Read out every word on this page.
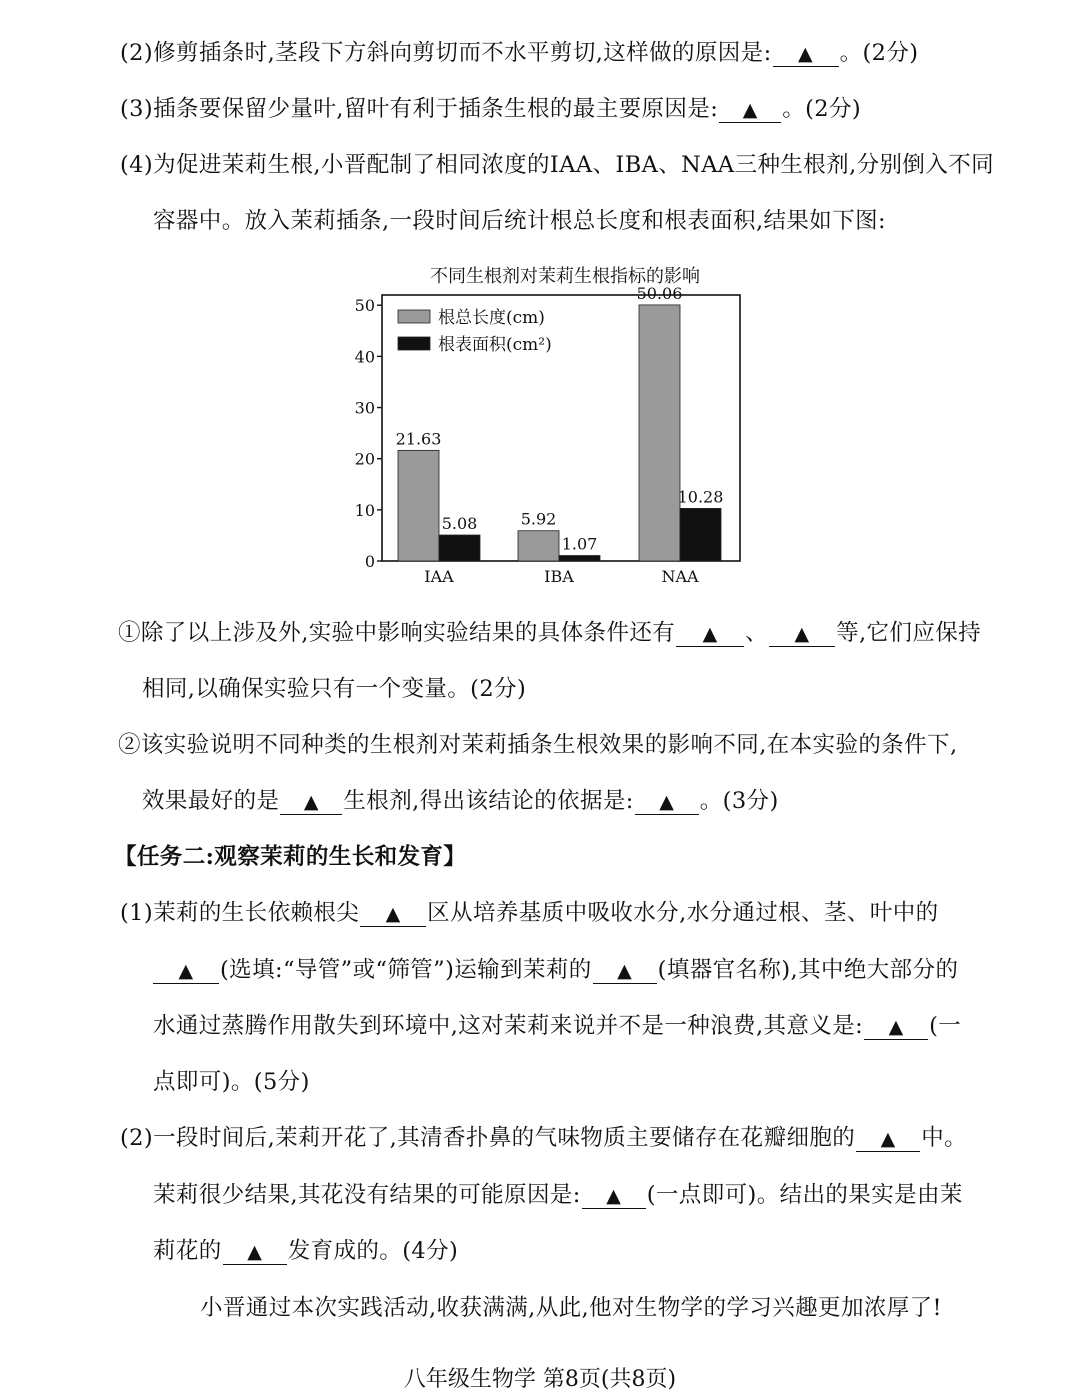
(2)修剪插条时,茎段下方斜向剪切而不水平剪切,这样做的原因是: ▲ 。(2分)
(3)插条要保留少量叶,留叶有利于插条生根的最主要原因是: ▲ 。(2分)
(4)为促进茉莉生根,小晋配制了相同浓度的IAA、IBA、NAA三种生根剂,分别倒入不同
容器中。放入茉莉插条,一段时间后统计根总长度和根表面积,结果如下图:
不同生根剂对茉莉生根指标的影响
0
10
20
30
40
50
21.63
5.08	5.92
1.07
50.06
10.28
IAA	IBA	NAA
根总长度(cm)
根表面积(cm²)
①除了以上涉及外,实验中影响实验结果的具体条件还有 ▲ 、 ▲ 等,它们应保持
相同,以确保实验只有一个变量。(2分)
②该实验说明不同种类的生根剂对茉莉插条生根效果的影响不同,在本实验的条件下,
效果最好的是 ▲ 生根剂,得出该结论的依据是: ▲ 。(3分)
【任务二:观察茉莉的生长和发育】
(1)茉莉的生长依赖根尖 ▲ 区从培养基质中吸收水分,水分通过根、茎、叶中的
▲ (选填:“导管”或“筛管”)运输到茉莉的 ▲ (填器官名称),其中绝大部分的
水通过蒸腾作用散失到环境中,这对茉莉来说并不是一种浪费,其意义是: ▲ (一
点即可)。(5分)
(2)一段时间后,茉莉开花了,其清香扑鼻的气味物质主要储存在花瓣细胞的 ▲ 中。
茉莉很少结果,其花没有结果的可能原因是: ▲ (一点即可)。结出的果实是由茉
莉花的 ▲ 发育成的。(4分)
小晋通过本次实践活动,收获满满,从此,他对生物学的学习兴趣更加浓厚了!
八年级生物学 第8页(共8页)
